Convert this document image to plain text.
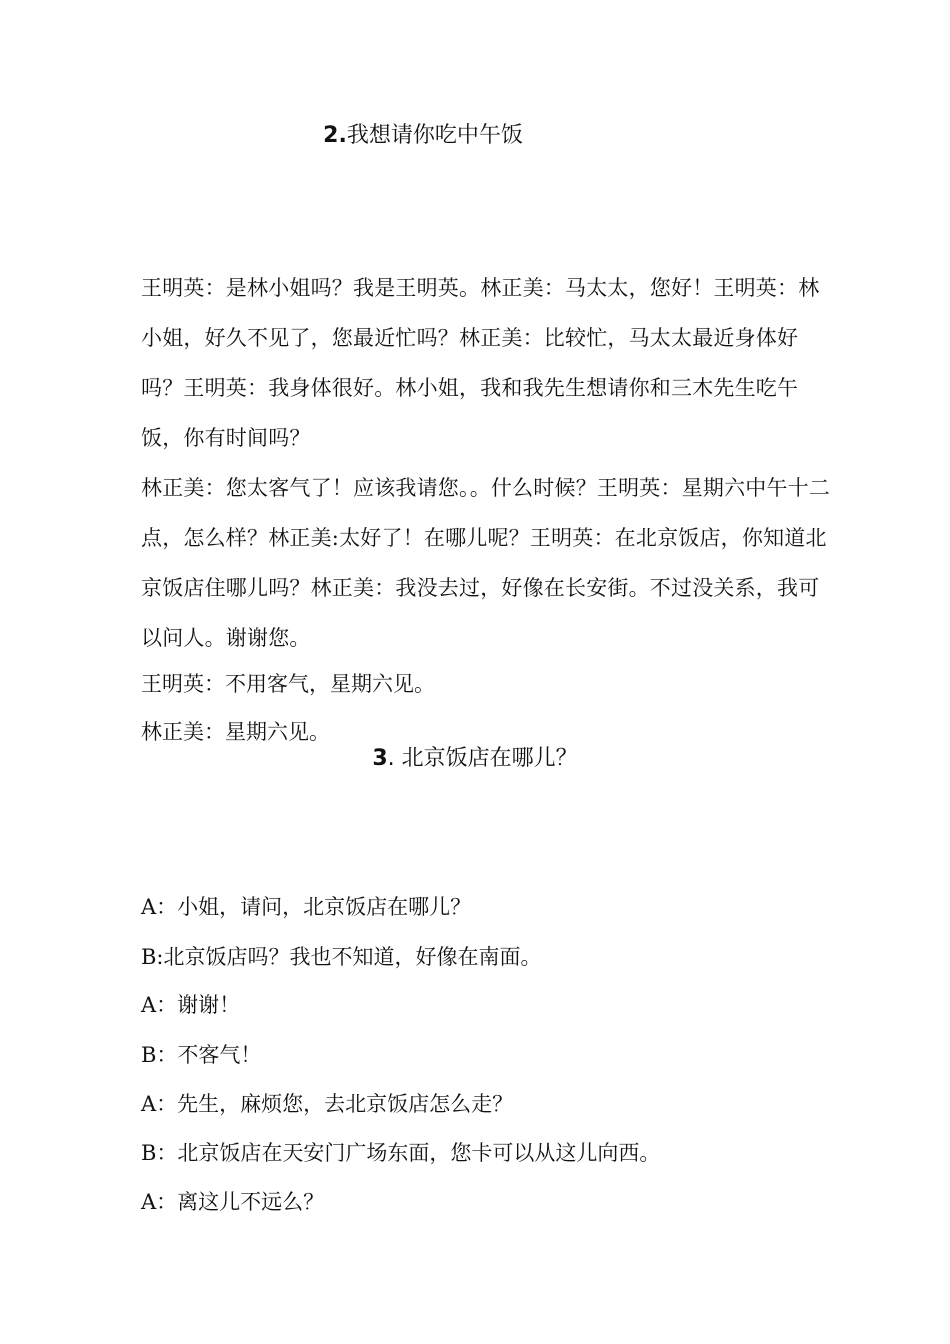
2.我想请你吃中午饭

王明英：是林小姐吗？我是王明英。林正美：马太太，您好！王明英：林小姐，好久不见了，您最近忙吗？林正美：比较忙，马太太最近身体好吗？王明英：我身体很好。林小姐，我和我先生想请你和三木先生吃午饭，你有时间吗？

林正美：您太客气了！应该我请您。。什么时候？王明英：星期六中午十二点，怎么样？林正美:太好了！在哪儿呢？王明英：在北京饭店，你知道北京饭店住哪儿吗？林正美：我没去过，好像在长安街。不过没关系，我可以问人。谢谢您。

王明英：不用客气，星期六见。

林正美：星期六见。

3. 北京饭店在哪儿？

A：小姐，请问，北京饭店在哪儿？

B:北京饭店吗？我也不知道，好像在南面。

A：谢谢！

B：不客气！

A：先生，麻烦您，去北京饭店怎么走？

B：北京饭店在天安门广场东面，您卡可以从这儿向西。

A：离这儿不远么？
